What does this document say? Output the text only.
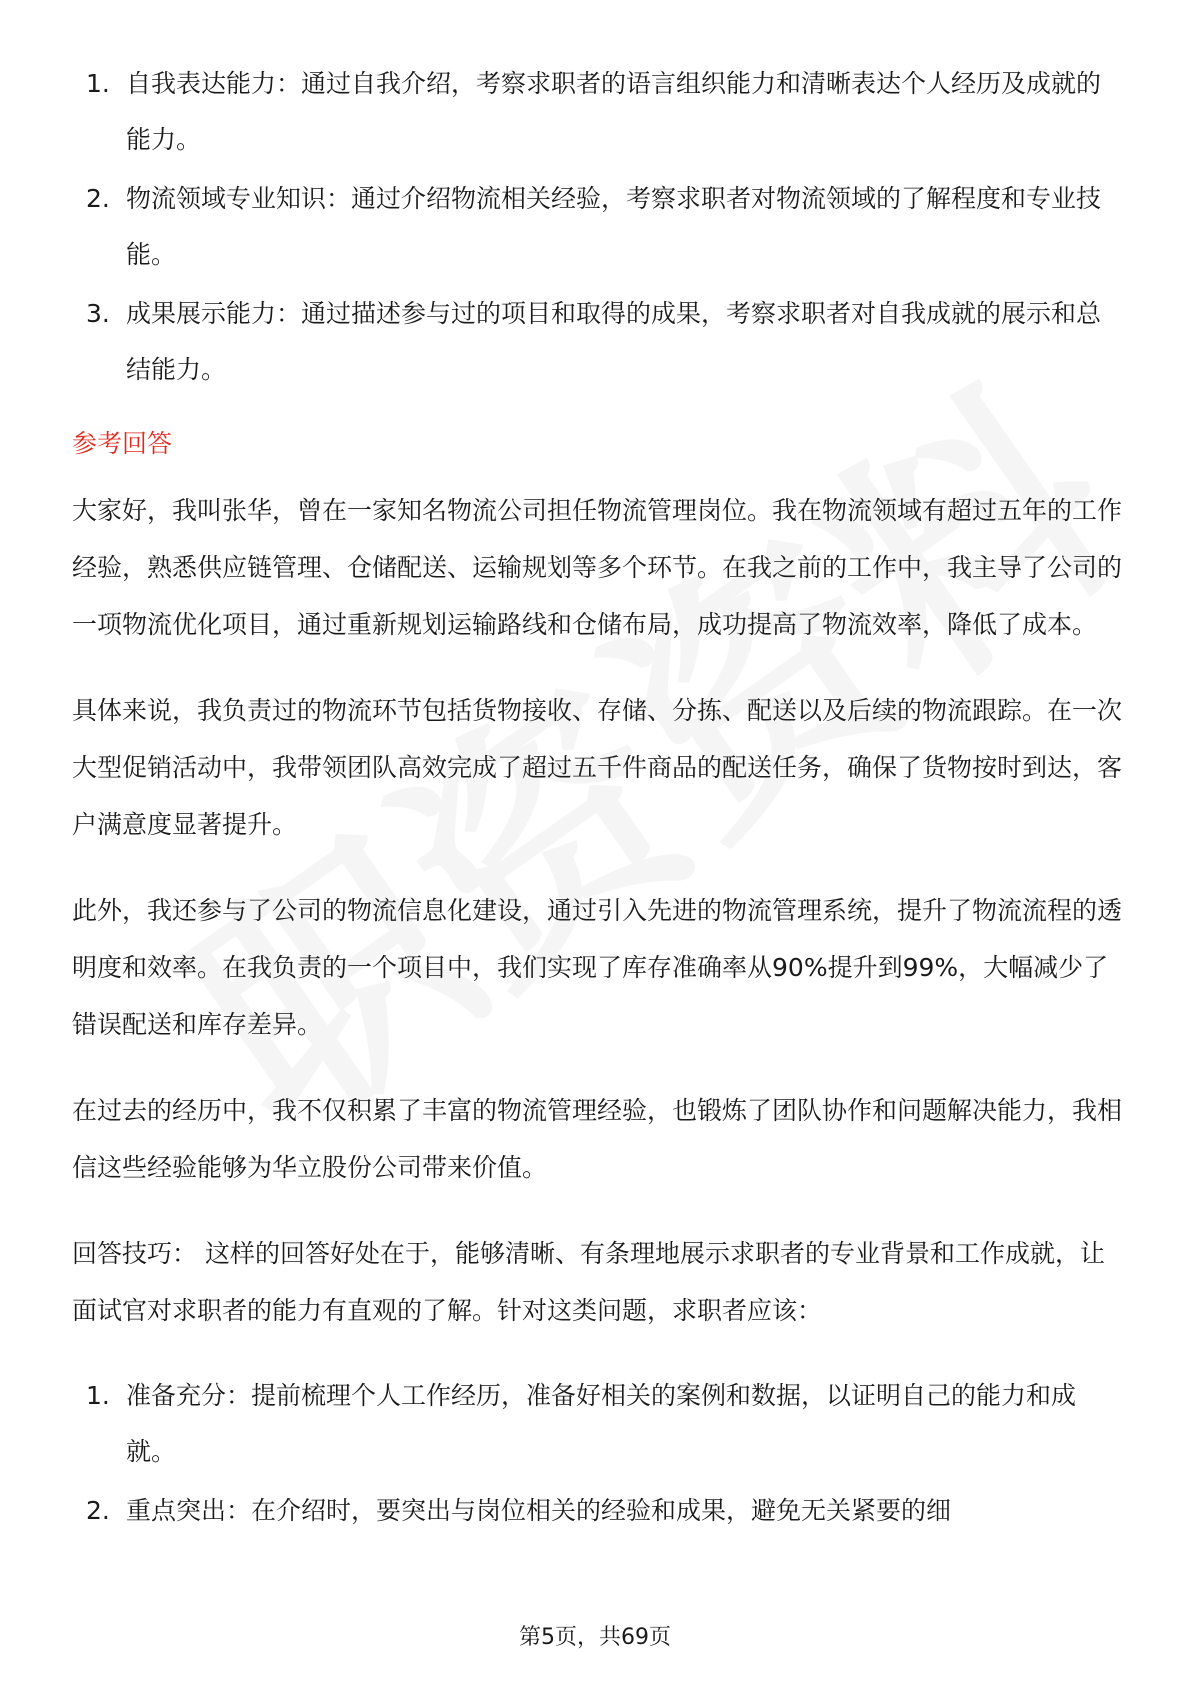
1. 自我表达能力：通过自我介绍，考察求职者的语言组织能力和清晰表达个人经历及成就的能力。
2. 物流领域专业知识：通过介绍物流相关经验，考察求职者对物流领域的了解程度和专业技能。
3. 成果展示能力：通过描述参与过的项目和取得的成果，考察求职者对自我成就的展示和总结能力。
参考回答

大家好，我叫张华，曾在一家知名物流公司担任物流管理岗位。我在物流领域有超过五年的工作经验，熟悉供应链管理、仓储配送、运输规划等多个环节。在我之前的工作中，我主导了公司的一项物流优化项目，通过重新规划运输路线和仓储布局，成功提高了物流效率，降低了成本。

具体来说，我负责过的物流环节包括货物接收、存储、分拣、配送以及后续的物流跟踪。在一次大型促销活动中，我带领团队高效完成了超过五千件商品的配送任务，确保了货物按时到达，客户满意度显著提升。

此外，我还参与了公司的物流信息化建设，通过引入先进的物流管理系统，提升了物流流程的透明度和效率。在我负责的一个项目中，我们实现了库存准确率从90%提升到99%，大幅减少了错误配送和库存差异。

在过去的经历中，我不仅积累了丰富的物流管理经验，也锻炼了团队协作和问题解决能力，我相信这些经验能够为华立股份公司带来价值。

回答技巧： 这样的回答好处在于，能够清晰、有条理地展示求职者的专业背景和工作成就，让面试官对求职者的能力有直观的了解。针对这类问题，求职者应该：

1. 准备充分：提前梳理个人工作经历，准备好相关的案例和数据，以证明自己的能力和成就。
2. 重点突出：在介绍时，要突出与岗位相关的经验和成果，避免无关紧要的细
第5页，共69页
